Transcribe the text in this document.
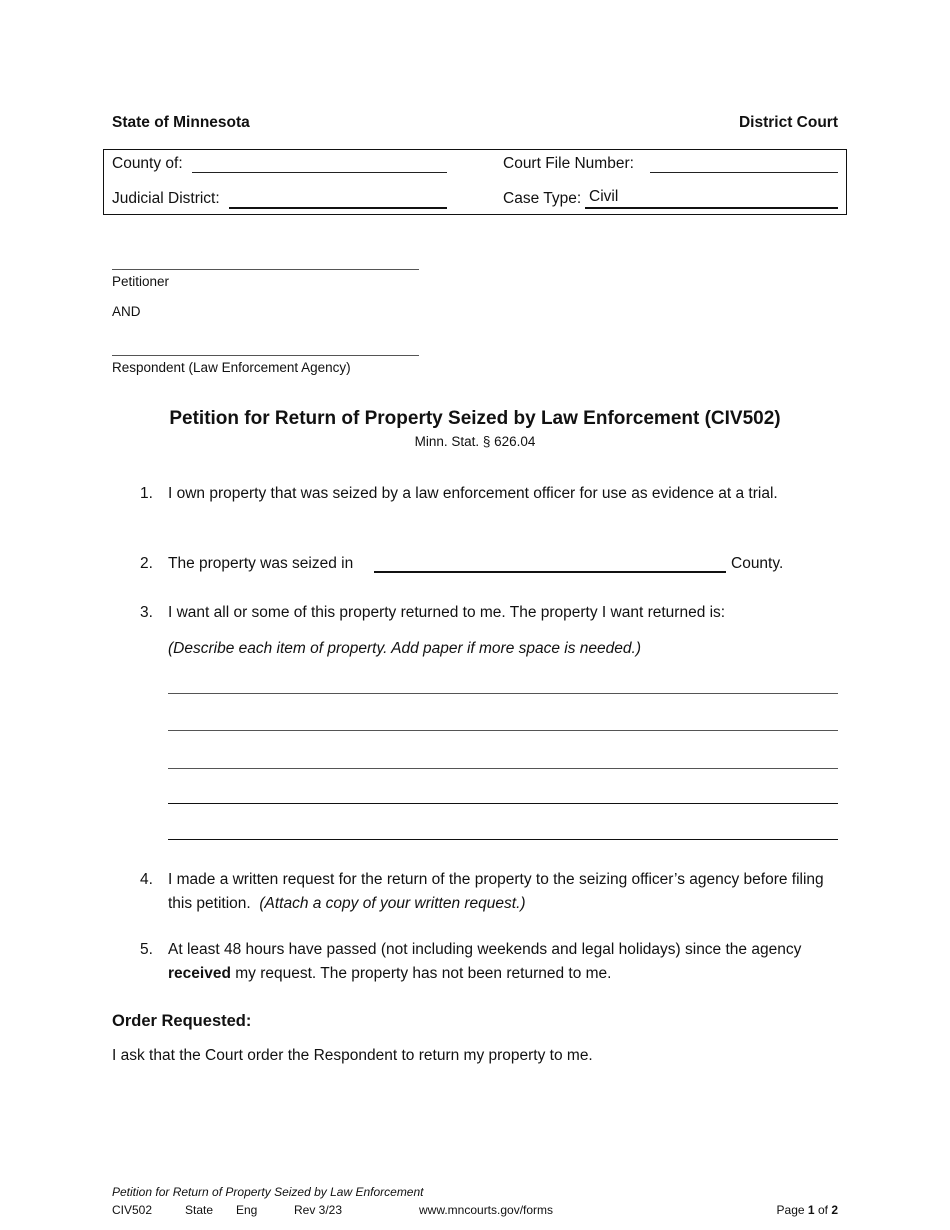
State of Minnesota	District Court
County of:
Judicial District:
Court File Number:
Case Type: Civil
Petitioner
AND
Respondent (Law Enforcement Agency)
Petition for Return of Property Seized by Law Enforcement (CIV502)
Minn. Stat. § 626.04
1. I own property that was seized by a law enforcement officer for use as evidence at a trial.
2. The property was seized in	County.
3. I want all or some of this property returned to me. The property I want returned is:
(Describe each item of property. Add paper if more space is needed.)
4. I made a written request for the return of the property to the seizing officer’s agency before filing this petition. (Attach a copy of your written request.)
5. At least 48 hours have passed (not including weekends and legal holidays) since the agency received my request. The property has not been returned to me.
Order Requested:
I ask that the Court order the Respondent to return my property to me.
Petition for Return of Property Seized by Law Enforcement
CIV502	State Eng	Rev 3/23	www.mncourts.gov/forms	Page 1 of 2
